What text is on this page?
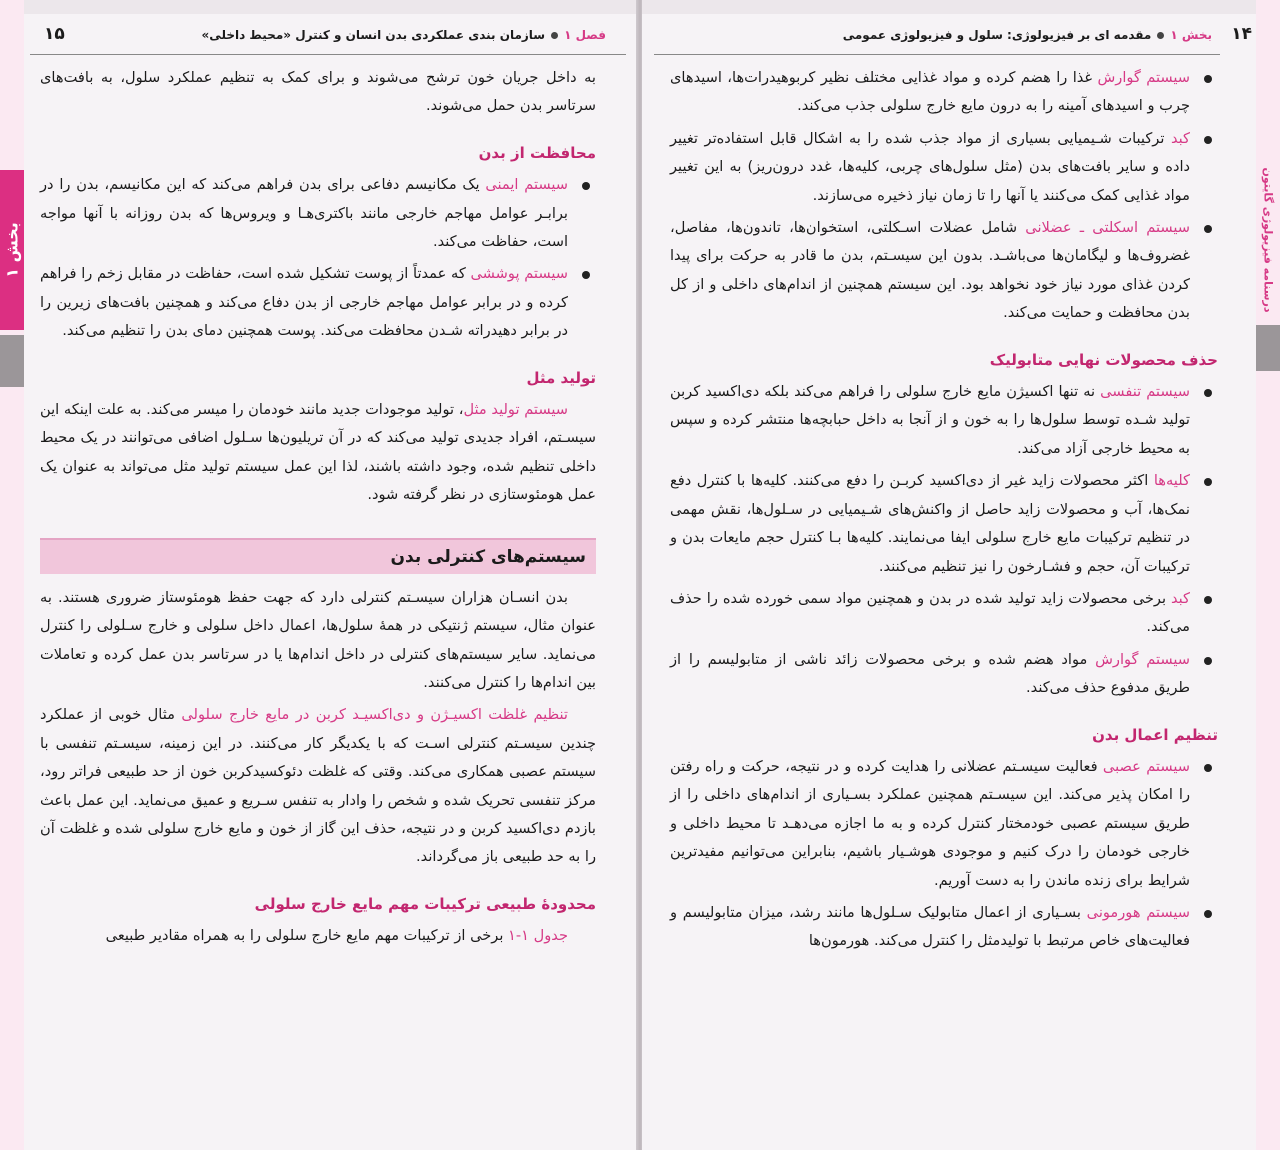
بخش ۱
۱۵	فصل ۱سازمان بندی عملکردی بدن انسان و کنترل «محیط داخلی»

به داخل جریان خون ترشح می‌شوند و برای کمک به تنظیم عملکرد سلول، به بافت‌های سرتاسر بدن حمل می‌شوند.

محافظت از بدن
سیستم ایمنی یک مکانیسم دفاعی برای بدن فراهم می‌کند که این مکانیسم، بدن را در برابـر عوامل مهاجم خارجی مانند باکتری‌هـا و ویروس‌ها که بدن روزانه با آنها مواجه است، حفاظت می‌کند.
سیستم پوششی که عمدتاً از پوست تشکیل شده است، حفاظت در مقابل زخم را فراهم کرده و در برابر عوامل مهاجم خارجی از بدن دفاع می‌کند و همچنین بافت‌های زیرین را در برابر دهیدراته شـدن محافظت می‌کند. پوست همچنین دمای بدن را تنظیم می‌کند.
تولید مثل

سیستم تولید مثل، تولید موجودات جدید مانند خودمان را میسر می‌کند. به علت اینکه این سیسـتم، افراد جدیدی تولید می‌کند که در آن تریلیون‌ها سـلول اضافی می‌توانند در یک محیط داخلی تنظیم شده، وجود داشته باشند، لذا این عمل سیستم تولید مثل می‌تواند به عنوان یک عمل هومئوستازی در نظر گرفته شود.

سیستم‌های کنترلی بدن

بدن انسـان هزاران سیسـتم کنترلی دارد که جهت حفظ هومئوستاز ضروری هستند. به عنوان مثال، سیستم ژنتیکی در همهٔ سلول‌ها، اعمال داخل سلولی و خارج سـلولی را کنترل می‌نماید. سایر سیستم‌های کنترلی در داخل اندام‌ها یا در سرتاسر بدن عمل کرده و تعاملات بین اندام‌ها را کنترل می‌کنند.

تنظیم غلظت اکسیـژن و دی‌اکسیـد کربن در مایع خارج سلولی مثال خوبی از عملکرد چندین سیسـتم کنترلی اسـت که با یکدیگر کار می‌کنند. در این زمینه، سیسـتم تنفسی با سیستم عصبی همکاری می‌کند. وقتی که غلظت دئوکسیدکربن خون از حد طبیعی فراتر رود، مرکز تنفسی تحریک شده و شخص را وادار به تنفس سـریع و عمیق می‌نماید. این عمل باعث بازدم دی‌اکسید کربن و در نتیجه، حذف این گاز از خون و مایع خارج سلولی شده و غلظت آن را به حد طبیعی باز می‌گرداند.

محدودهٔ طبیعی ترکیبات مهم مایع خارج سلولی

جدول ۱-۱ برخی از ترکیبات مهم مایع خارج سلولی را به همراه مقادیر طبیعی

درسنامه فیزیولوژی گایتون
۱۴
بخش ۱مقدمه ای بر فیزیولوژی: سلول و فیزیولوژی عمومی
سیستم گوارش غذا را هضم کرده و مواد غذایی مختلف نظیر کربوهیدرات‌ها، اسیدهای چرب و اسیدهای آمینه را به درون مایع خارج سلولی جذب می‌کند.
کبد ترکیبات شـیمیایی بسیاری از مواد جذب شده را به اشکال قابل استفاده‌تر تغییر داده و سایر بافت‌های بدن (مثل سلول‌های چربی، کلیه‌ها، غدد درون‌ریز) به این تغییر مواد غذایی کمک می‌کنند یا آنها را تا زمان نیاز ذخیره می‌سازند.
سیستم اسکلتی ـ عضلانی شامل عضلات اسـکلتی، استخوان‌ها، تاندون‌ها، مفاصل، غضروف‌ها و لیگامان‌ها می‌باشـد. بدون این سیسـتم، بدن ما قادر به حرکت برای پیدا کردن غذای مورد نیاز خود نخواهد بود. این سیستم همچنین از اندام‌های داخلی و از کل بدن محافظت و حمایت می‌کند.
حذف محصولات نهایی متابولیک
سیستم تنفسی نه تنها اکسیژن مایع خارج سلولی را فراهم می‌کند بلکه دی‌اکسید کربن تولید شـده توسط سلول‌ها را به خون و از آنجا به داخل حبابچه‌ها منتشر کرده و سپس به محیط خارجی آزاد می‌کند.
کلیه‌ها اکثر محصولات زاید غیر از دی‌اکسید کربـن را دفع می‌کنند. کلیه‌ها با کنترل دفع نمک‌ها، آب و محصولات زاید حاصل از واکنش‌های شـیمیایی در سـلول‌ها، نقش مهمی در تنظیم ترکیبات مایع خارج سلولی ایفا می‌نمایند. کلیه‌ها بـا کنترل حجم مایعات بدن و ترکیبات آن، حجم و فشـارخون را نیز تنظیم می‌کنند.
کبد برخی محصولات زاید تولید شده در بدن و همچنین مواد سمی خورده شده را حذف می‌کند.
سیستم گوارش مواد هضم شده و برخی محصولات زائد ناشی از متابولیسم را از طریق مدفوع حذف می‌کند.
تنظیم اعمال بدن
سیستم عصبی فعالیت سیسـتم عضلانی را هدایت کرده و در نتیجه، حرکت و راه رفتن را امکان پذیر می‌کند. این سیسـتم همچنین عملکرد بسـیاری از اندام‌های داخلی را از طریق سیستم عصبی خودمختار کنترل کرده و به ما اجازه می‌دهـد تا محیط داخلی و خارجی خودمان را درک کنیم و موجودی هوشـیار باشیم، بنابراین می‌توانیم مفیدترین شرایط برای زنده ماندن را به دست آوریم.
سیستم هورمونی بسـیاری از اعمال متابولیک سـلول‌ها مانند رشد، میزان متابولیسم و فعالیت‌های خاص مرتبط با تولیدمثل را کنترل می‌کند. هورمون‌ها
